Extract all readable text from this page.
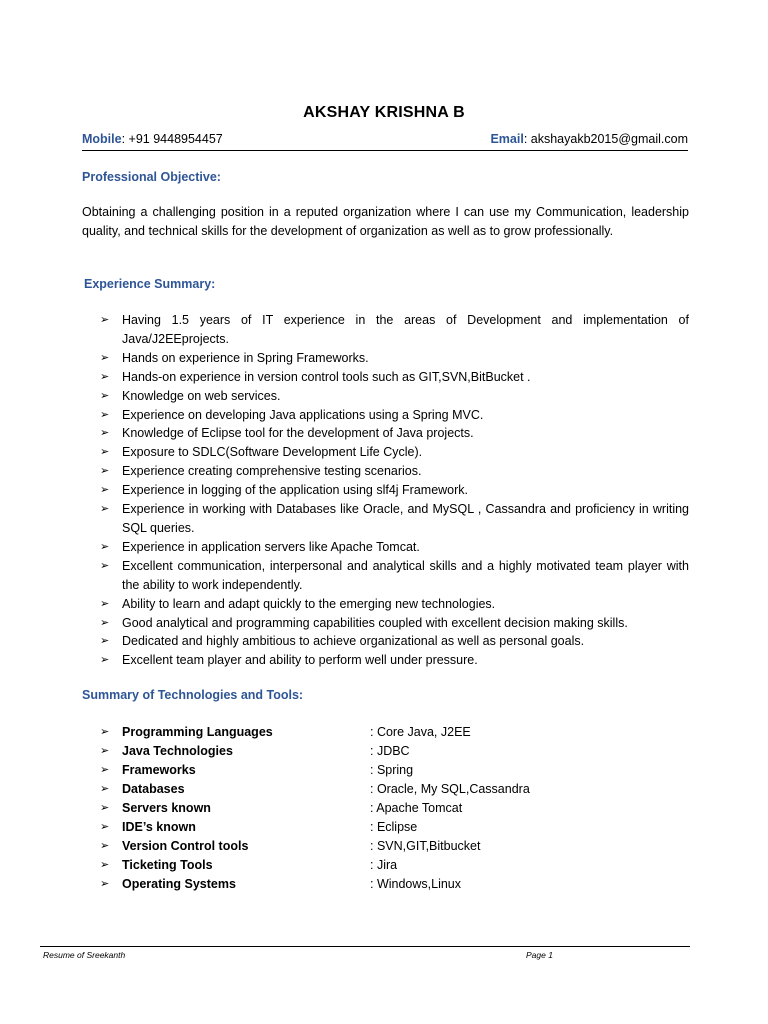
AKSHAY KRISHNA B
Mobile: +91 9448954457	Email: akshayakb2015@gmail.com
Professional Objective:
Obtaining a challenging position in a reputed organization where I can use my Communication, leadership quality, and technical skills for the development of organization as well as to grow professionally.
Experience Summary:
➢ Having 1.5 years of IT experience in the areas of Development and implementation of Java/J2EEprojects.
➢ Hands on experience in Spring Frameworks.
➢ Hands-on experience in version control tools such as GIT,SVN,BitBucket .
➢ Knowledge on web services.
➢ Experience on developing Java applications using a Spring MVC.
➢ Knowledge of Eclipse tool for the development of Java projects.
➢ Exposure to SDLC(Software Development Life Cycle).
➢ Experience creating comprehensive testing scenarios.
➢ Experience in logging of the application using slf4j Framework.
➢ Experience in working with Databases like Oracle, and MySQL , Cassandra and proficiency in writing SQL queries.
➢ Experience in application servers like Apache Tomcat.
➢ Excellent communication, interpersonal and analytical skills and a highly motivated team player with the ability to work independently.
➢ Ability to learn and adapt quickly to the emerging new technologies.
➢ Good analytical and programming capabilities coupled with excellent decision making skills.
➢ Dedicated and highly ambitious to achieve organizational as well as personal goals.
➢ Excellent team player and ability to perform well under pressure.
Summary of Technologies and Tools:
➢ Programming Languages	: Core Java, J2EE
➢ Java Technologies	: JDBC
➢ Frameworks	: Spring
➢ Databases	: Oracle, My SQL,Cassandra
➢ Servers known	: Apache Tomcat
➢ IDE’s known	: Eclipse
➢ Version Control tools	: SVN,GIT,Bitbucket
➢ Ticketing Tools	: Jira
➢ Operating Systems	: Windows,Linux
Resume of Sreekanth	Page 1
